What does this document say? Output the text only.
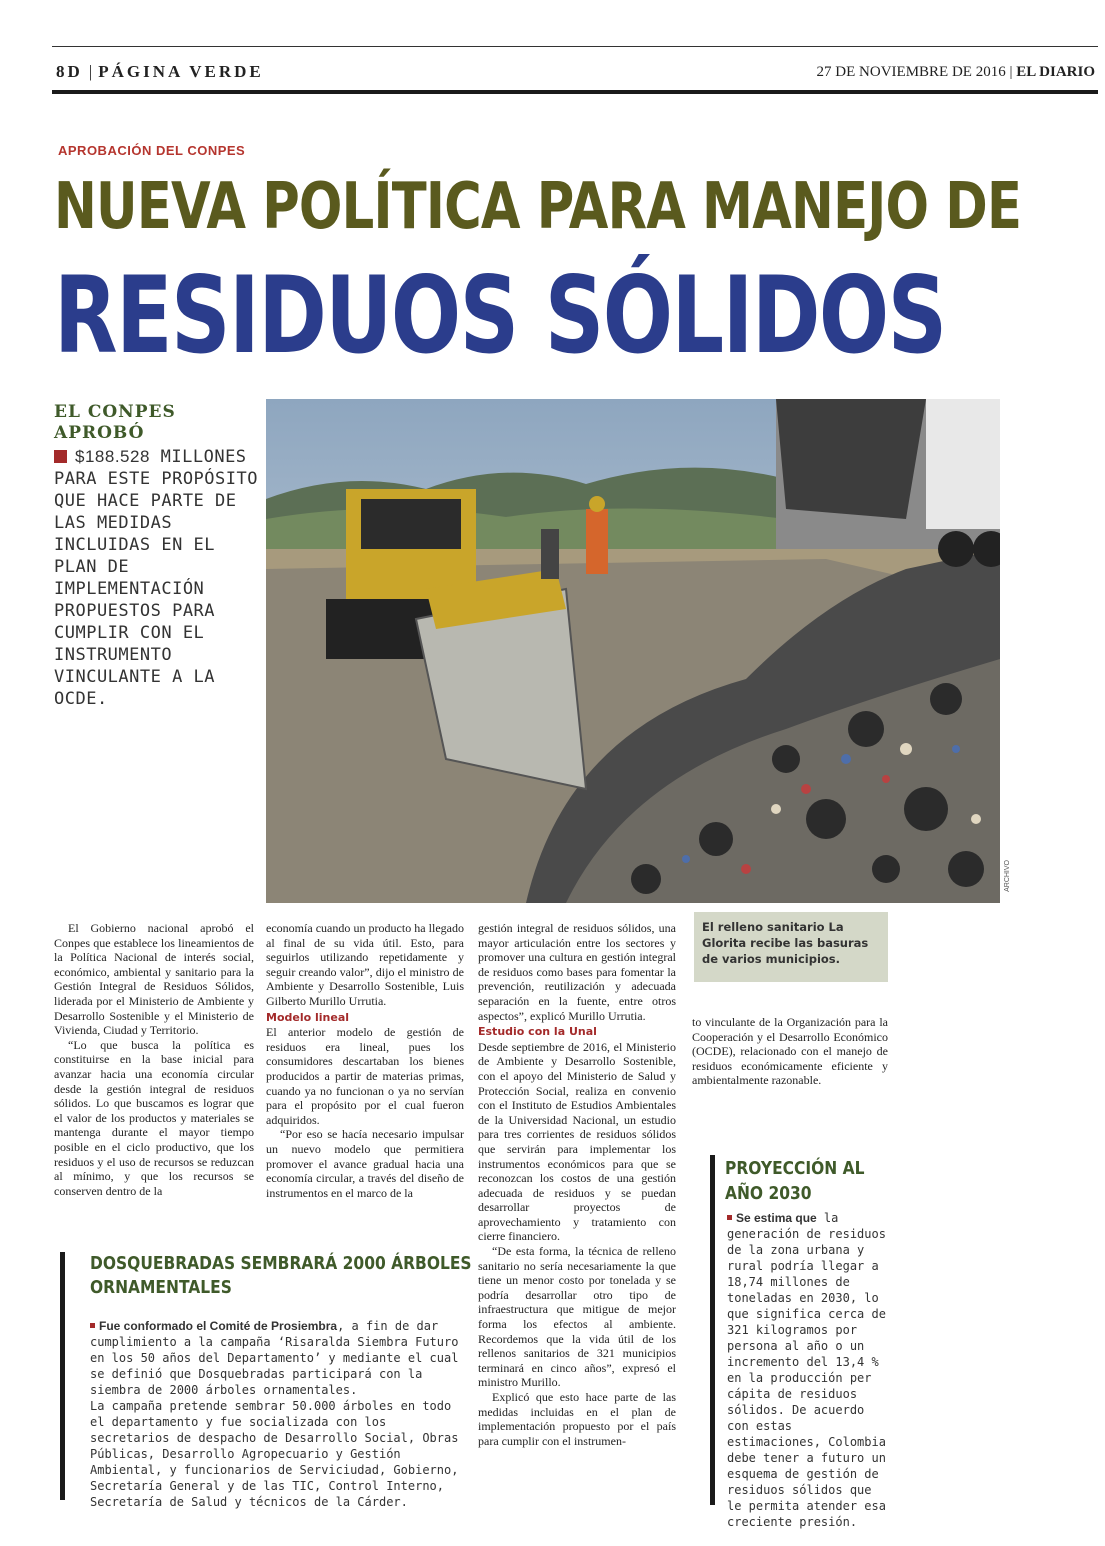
8D | PÁGINA VERDE	27 DE NOVIEMBRE DE 2016 | EL DIARIO
APROBACIÓN DEL CONPES
NUEVA POLÍTICA PARA MANEJO DE
RESIDUOS SÓLIDOS
EL CONPES
APROBÓ
$188.528 MILLONES PARA ESTE PROPÓSITO QUE HACE PARTE DE LAS MEDIDAS INCLUIDAS EN EL PLAN DE IMPLEMENTACIÓN PROPUESTOS PARA CUMPLIR CON EL INSTRUMENTO VINCULANTE A LA OCDE.
ARCHIVO
El relleno sanitario La Glorita recibe las basuras de varios municipios.

El Gobierno nacional aprobó el Conpes que establece los lineamientos de la Política Nacional de interés social, económico, ambiental y sanitario para la Gestión Integral de Residuos Sólidos, liderada por el Ministerio de Ambiente y Desarrollo Sostenible y el Ministerio de Vivienda, Ciudad y Territorio.

“Lo que busca la política es constituirse en la base inicial para avanzar hacia una economía circular desde la gestión integral de residuos sólidos. Lo que buscamos es lograr que el valor de los productos y materiales se mantenga durante el mayor tiempo posible en el ciclo productivo, que los residuos y el uso de recursos se reduzcan al mínimo, y que los recursos se conserven dentro de la

economía cuando un producto ha llegado al final de su vida útil. Esto, para seguirlos utilizando repetidamente y seguir creando valor”, dijo el ministro de Ambiente y Desarrollo Sostenible, Luis Gilberto Murillo Urrutia.

Modelo lineal

El anterior modelo de gestión de residuos era lineal, pues los consumidores descartaban los bienes producidos a partir de materias primas, cuando ya no funcionan o ya no servían para el propósito por el cual fueron adquiridos.

“Por eso se hacía necesario impulsar un nuevo modelo que permitiera promover el avance gradual hacia una economía circular, a través del diseño de instrumentos en el marco de la

gestión integral de residuos sólidos, una mayor articulación entre los sectores y promover una cultura en gestión integral de residuos como bases para fomentar la prevención, reutilización y adecuada separación en la fuente, entre otros aspectos”, explicó Murillo Urrutia.

Estudio con la Unal

Desde septiembre de 2016, el Ministerio de Ambiente y Desarrollo Sostenible, con el apoyo del Ministerio de Salud y Protección Social, realiza en convenio con el Instituto de Estudios Ambientales de la Universidad Nacional, un estudio para tres corrientes de residuos sólidos que servirán para implementar los instrumentos económicos para que se reconozcan los costos de una gestión adecuada de residuos y se puedan desarrollar proyectos de aprovechamiento y tratamiento con cierre financiero.

“De esta forma, la técnica de relleno sanitario no sería necesariamente la que tiene un menor costo por tonelada y se podría desarrollar otro tipo de infraestructura que mitigue de mejor forma los efectos al ambiente. Recordemos que la vida útil de los rellenos sanitarios de 321 municipios terminará en cinco años”, expresó el ministro Murillo.

Explicó que esto hace parte de las medidas incluidas en el plan de implementación propuesto por el país para cumplir con el instrumen-

to vinculante de la Organización para la Cooperación y el Desarrollo Económico (OCDE), relacionado con el manejo de residuos económicamente eficiente y ambientalmente razonable.

DOSQUEBRADAS SEMBRARÁ 2000 ÁRBOLES
ORNAMENTALES

Fue conformado el Comité de Prosiembra, a fin de dar cumplimiento a la campaña ‘Risaralda Siembra Futuro en los 50 años del Departamento’ y mediante el cual se definió que Dosquebradas participará con la siembra de 2000 árboles ornamentales.

La campaña pretende sembrar 50.000 árboles en todo el departamento y fue socializada con los secretarios de despacho de Desarrollo Social, Obras Públicas, Desarrollo Agropecuario y Gestión Ambiental, y funcionarios de Serviciudad, Gobierno, Secretaría General y de las TIC, Control Interno, Secretaría de Salud y técnicos de la Cárder.

PROYECCIÓN AL
AÑO 2030
Se estima que la generación de residuos de la zona urbana y rural podría llegar a 18,74 millones de toneladas en 2030, lo que significa cerca de 321 kilogramos por persona al año o un incremento del 13,4 % en la producción per cápita de residuos sólidos. De acuerdo con estas estimaciones, Colombia debe tener a futuro un esquema de gestión de residuos sólidos que le permita atender esa creciente presión.
